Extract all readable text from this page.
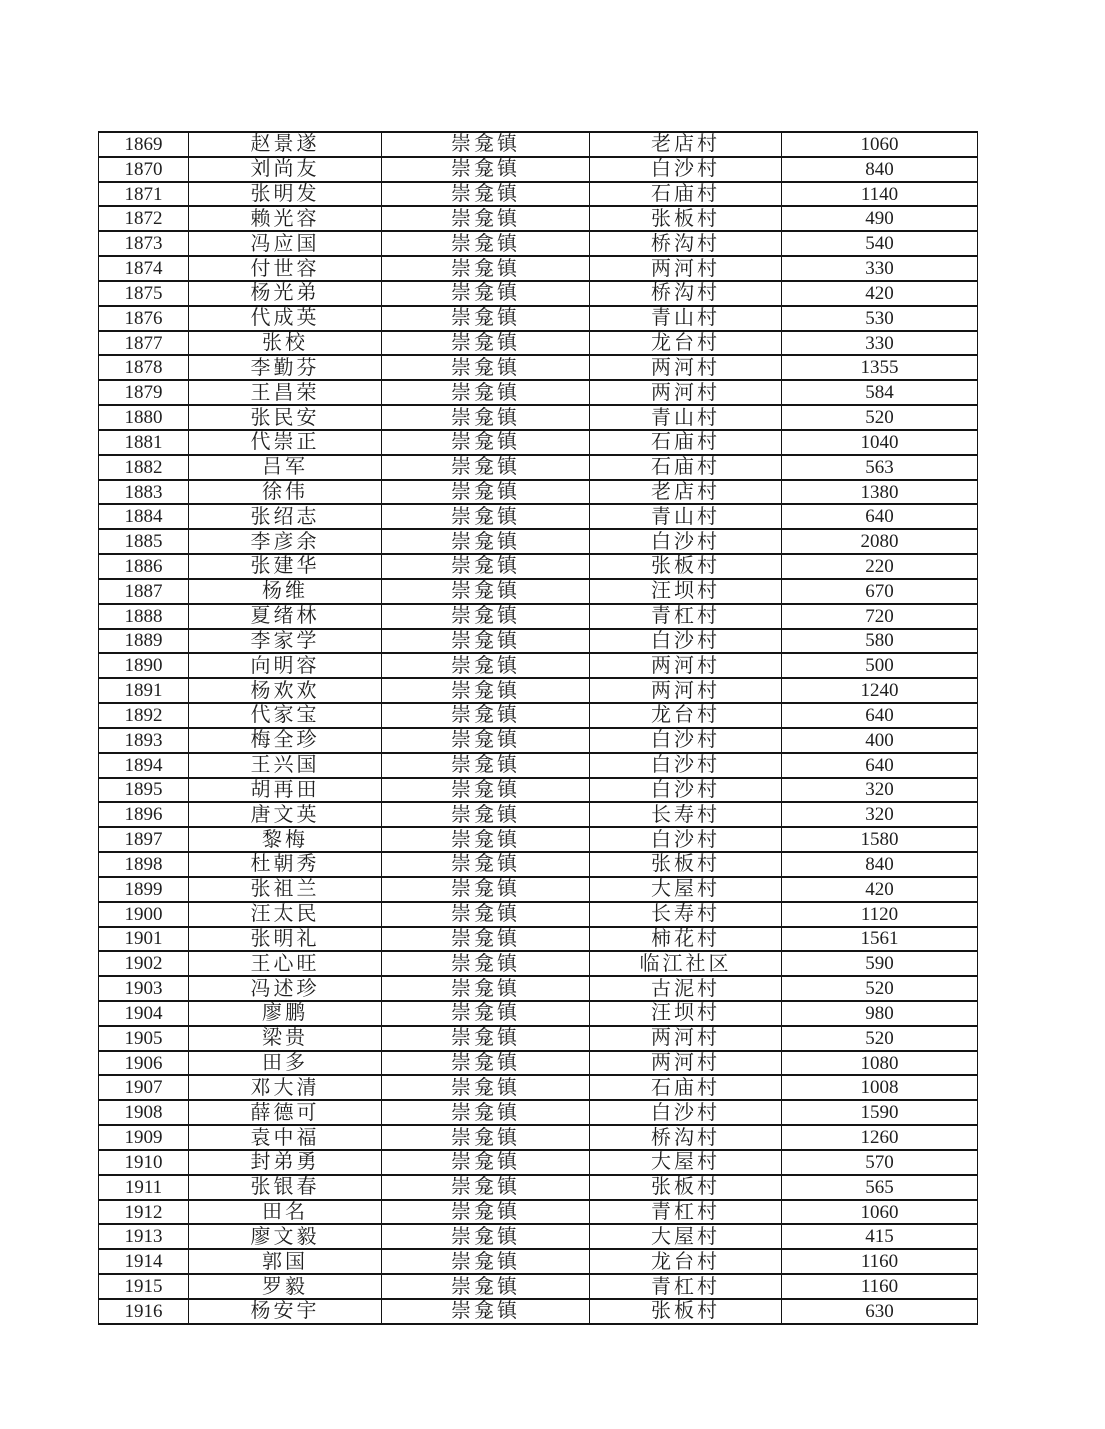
1869	赵景遂	崇龛镇	老店村	1060
1870	刘尚友	崇龛镇	白沙村	840
1871	张明发	崇龛镇	石庙村	1140
1872	赖光容	崇龛镇	张板村	490
1873	冯应国	崇龛镇	桥沟村	540
1874	付世容	崇龛镇	两河村	330
1875	杨光弟	崇龛镇	桥沟村	420
1876	代成英	崇龛镇	青山村	530
1877	张校	崇龛镇	龙台村	330
1878	李勤芬	崇龛镇	两河村	1355
1879	王昌荣	崇龛镇	两河村	584
1880	张民安	崇龛镇	青山村	520
1881	代崇正	崇龛镇	石庙村	1040
1882	吕军	崇龛镇	石庙村	563
1883	徐伟	崇龛镇	老店村	1380
1884	张绍志	崇龛镇	青山村	640
1885	李彦余	崇龛镇	白沙村	2080
1886	张建华	崇龛镇	张板村	220
1887	杨维	崇龛镇	汪坝村	670
1888	夏绪林	崇龛镇	青杠村	720
1889	李家学	崇龛镇	白沙村	580
1890	向明容	崇龛镇	两河村	500
1891	杨欢欢	崇龛镇	两河村	1240
1892	代家宝	崇龛镇	龙台村	640
1893	梅全珍	崇龛镇	白沙村	400
1894	王兴国	崇龛镇	白沙村	640
1895	胡再田	崇龛镇	白沙村	320
1896	唐文英	崇龛镇	长寿村	320
1897	黎梅	崇龛镇	白沙村	1580
1898	杜朝秀	崇龛镇	张板村	840
1899	张祖兰	崇龛镇	大屋村	420
1900	汪太民	崇龛镇	长寿村	1120
1901	张明礼	崇龛镇	柿花村	1561
1902	王心旺	崇龛镇	临江社区	590
1903	冯述珍	崇龛镇	古泥村	520
1904	廖鹏	崇龛镇	汪坝村	980
1905	梁贵	崇龛镇	两河村	520
1906	田多	崇龛镇	两河村	1080
1907	邓大清	崇龛镇	石庙村	1008
1908	薛德可	崇龛镇	白沙村	1590
1909	袁中福	崇龛镇	桥沟村	1260
1910	封弟勇	崇龛镇	大屋村	570
1911	张银春	崇龛镇	张板村	565
1912	田名	崇龛镇	青杠村	1060
1913	廖文毅	崇龛镇	大屋村	415
1914	郭国	崇龛镇	龙台村	1160
1915	罗毅	崇龛镇	青杠村	1160
1916	杨安宇	崇龛镇	张板村	630
